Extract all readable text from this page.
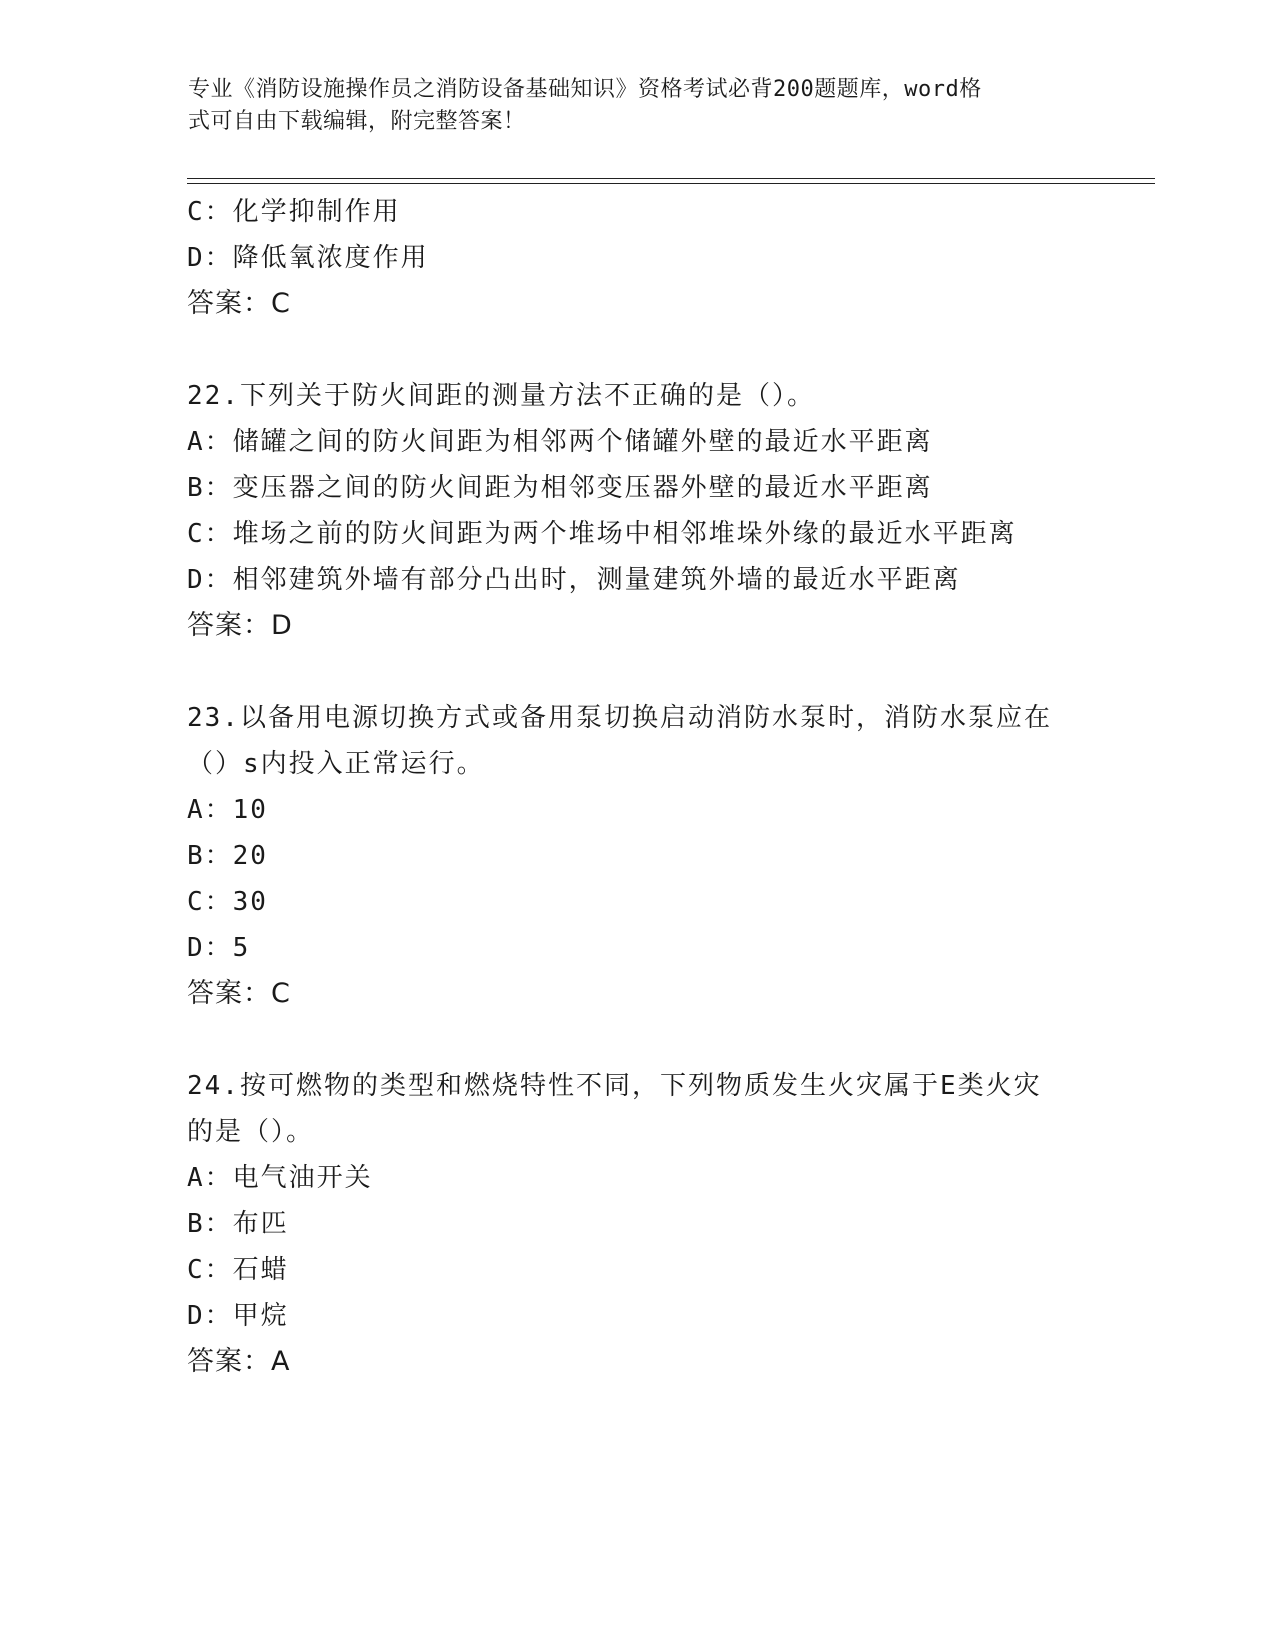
专业《消防设施操作员之消防设备基础知识》资格考试必背200题题库，word格
式可自由下载编辑，附完整答案！
C：化学抑制作用
D：降低氧浓度作用
答案：C
22.下列关于防火间距的测量方法不正确的是（）。
A：储罐之间的防火间距为相邻两个储罐外壁的最近水平距离
B：变压器之间的防火间距为相邻变压器外壁的最近水平距离
C：堆场之前的防火间距为两个堆场中相邻堆垛外缘的最近水平距离
D：相邻建筑外墙有部分凸出时，测量建筑外墙的最近水平距离
答案：D
23.以备用电源切换方式或备用泵切换启动消防水泵时，消防水泵应在
（）s内投入正常运行。
A：10
B：20
C：30
D：5
答案：C
24.按可燃物的类型和燃烧特性不同，下列物质发生火灾属于E类火灾
的是（）。
A：电气油开关
B：布匹
C：石蜡
D：甲烷
答案：A
